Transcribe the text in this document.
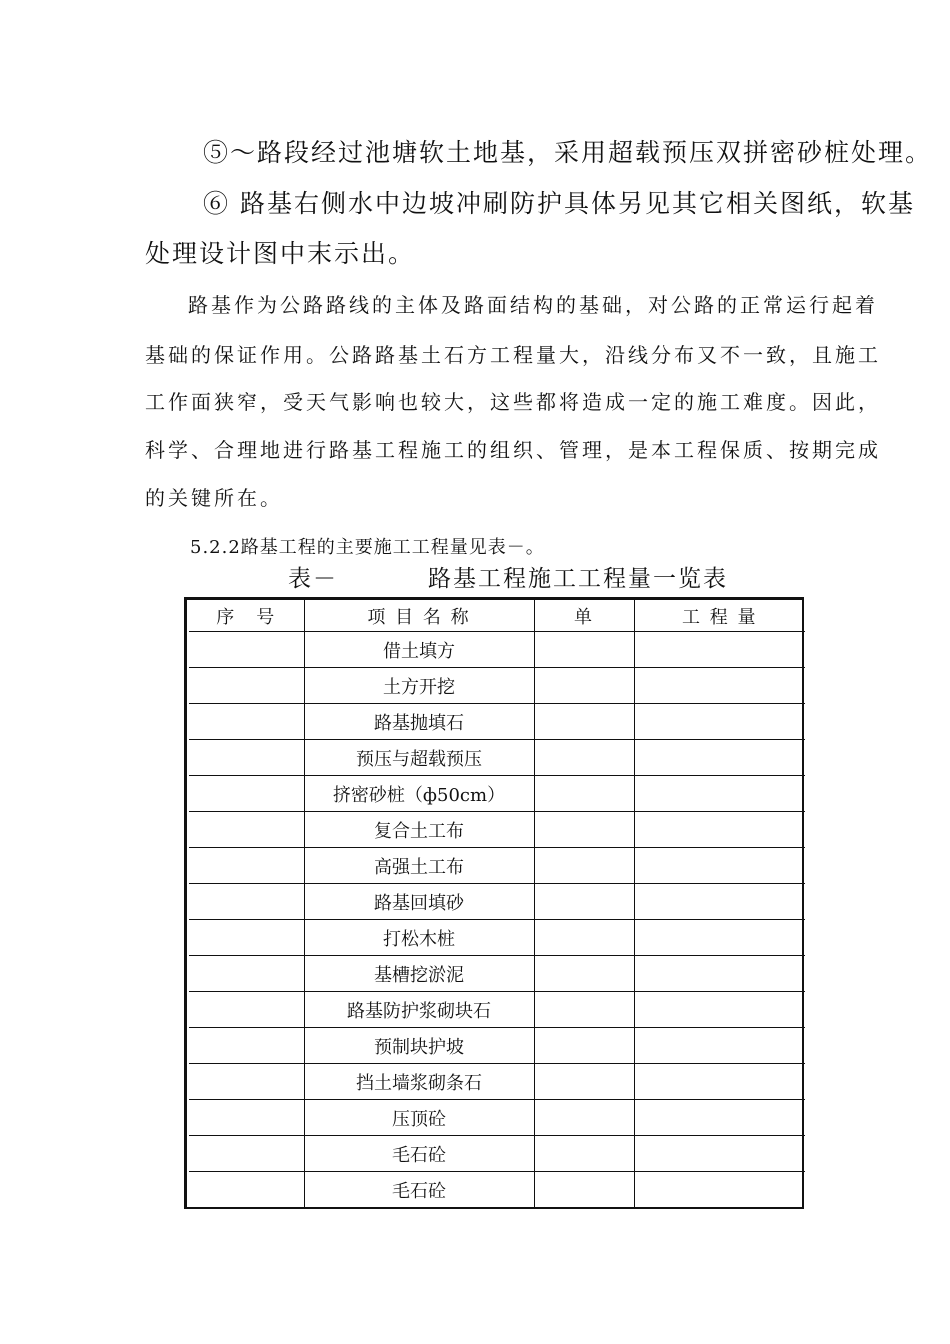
⑤～路段经过池塘软土地基，采用超载预压双拼密砂桩处理。
⑥ 路基右侧水中边坡冲刷防护具体另见其它相关图纸，软基
处理设计图中末示出。
路基作为公路路线的主体及路面结构的基础，对公路的正常运行起着
基础的保证作用。公路路基土石方工程量大，沿线分布又不一致，且施工
工作面狭窄，受天气影响也较大，这些都将造成一定的施工难度。因此，
科学、合理地进行路基工程施工的组织、管理，是本工程保质、按期完成
的关键所在。
5.2.2路基工程的主要施工工程量见表－。
表－	路基工程施工工程量一览表
序　号	项 目 名 称	单	工 程 量
	借土填方		
	土方开挖		
	路基抛填石		
	预压与超载预压		
	挤密砂桩（ф50cm）		
	复合土工布		
	高强土工布		
	路基回填砂		
	打松木桩		
	基槽挖淤泥		
	路基防护浆砌块石		
	预制块护坡		
	挡土墙浆砌条石		
	压顶砼		
	毛石砼		
	毛石砼		
